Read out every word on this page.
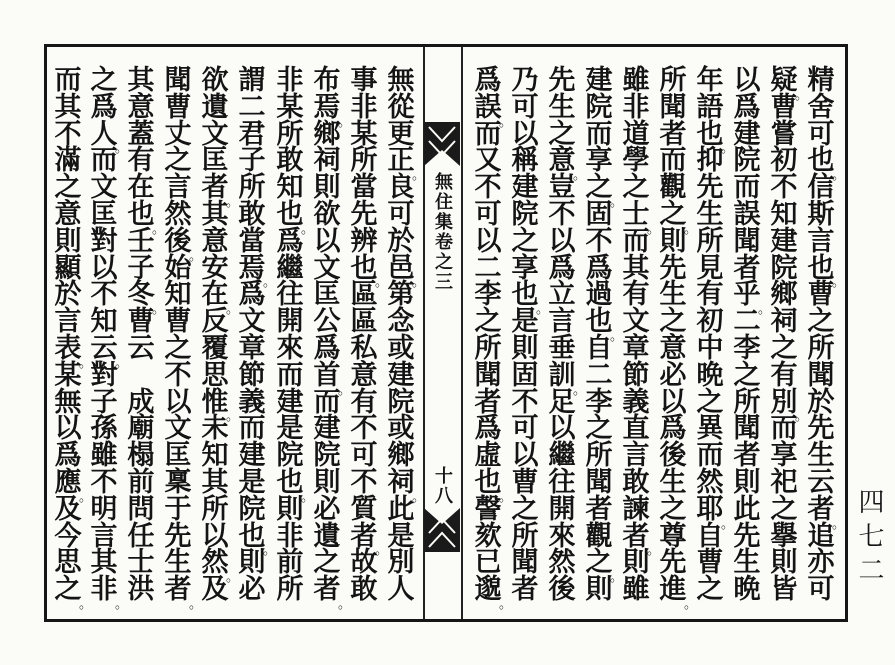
無住集卷之三
十八
精
舍
可
也
。
信
斯
言
也
。
曹
之
所
聞
於
先
生
云
者
。
追
亦
可
疑
。
曹
嘗
初
不
知
建
院
鄉
祠
之
有
別
。
而
享
祀
之
擧
則
皆
以
爲
建
院
而
誤
聞
者
乎
。
二
李
之
所
聞
者
則
此
先
生
晩
年
語
也
。
抑
先
生
所
見
有
初
中
晩
之
異
而
然
耶
。
自
曹
之
所
聞
者
而
觀
之
。
則
先
生
之
意
必
以
爲
後
生
之
尊
先
進
。
雖
非
道
學
之
士
。
而
其
有
文
章
節
義
直
言
敢
諫
者
。
則
雖
建
院
而
享
之
。
固
不
爲
過
也
。
自
二
李
之
所
聞
者
觀
之
。
則
先
生
之
意
。
豈
不
以
爲
立
言
垂
訓
。
足
以
繼
往
開
來
然
後
乃
可
以
稱
建
院
之
享
也
。
是
則
固
不
可
以
曹
之
所
聞
者
爲
誤
。
而
又
不
可
以
二
李
之
所
聞
者
爲
虛
也
。
謦
欬
已
邈
。
無
從
更
正
。
良
可
於
邑
。
第
念
或
建
院
或
鄉
祠
。
此
是
別
人
事
非
某
所
當
先
辨
也
。
區
區
私
意
有
不
可
不
質
者
。
故
敢
布
焉
。
鄉
祠
則
欲
以
文
匡
公
爲
首
。
而
建
院
則
必
遺
之
者
。
非
某
所
敢
知
也
。
爲
繼
往
開
來
而
建
是
院
也
。
則
非
前
所
謂
二
君
子
所
敢
當
焉
。
爲
文
章
節
義
而
建
是
院
也
。
則
必
欲
遺
文
匡
者
。
其
意
安
在
。
反
覆
思
惟
。
未
知
其
所
以
然
。
及
聞
曹
丈
之
言
然
後
。
始
知
曹
之
不
以
文
匡
稟
于
先
生
者
。
其
意
蓋
有
在
也
。
壬
子
冬
。
曹
云

成
廟
榻
前
問
任
士
洪
之
爲
人
。
而
文
匡
對
以
不
知
云
。
對
子
孫
雖
不
明
言
其
非
。
而
其
不
滿
之
意
則
顯
於
言
表
。
某
無
以
爲
應
。
及
今
思
之
。
四七二
